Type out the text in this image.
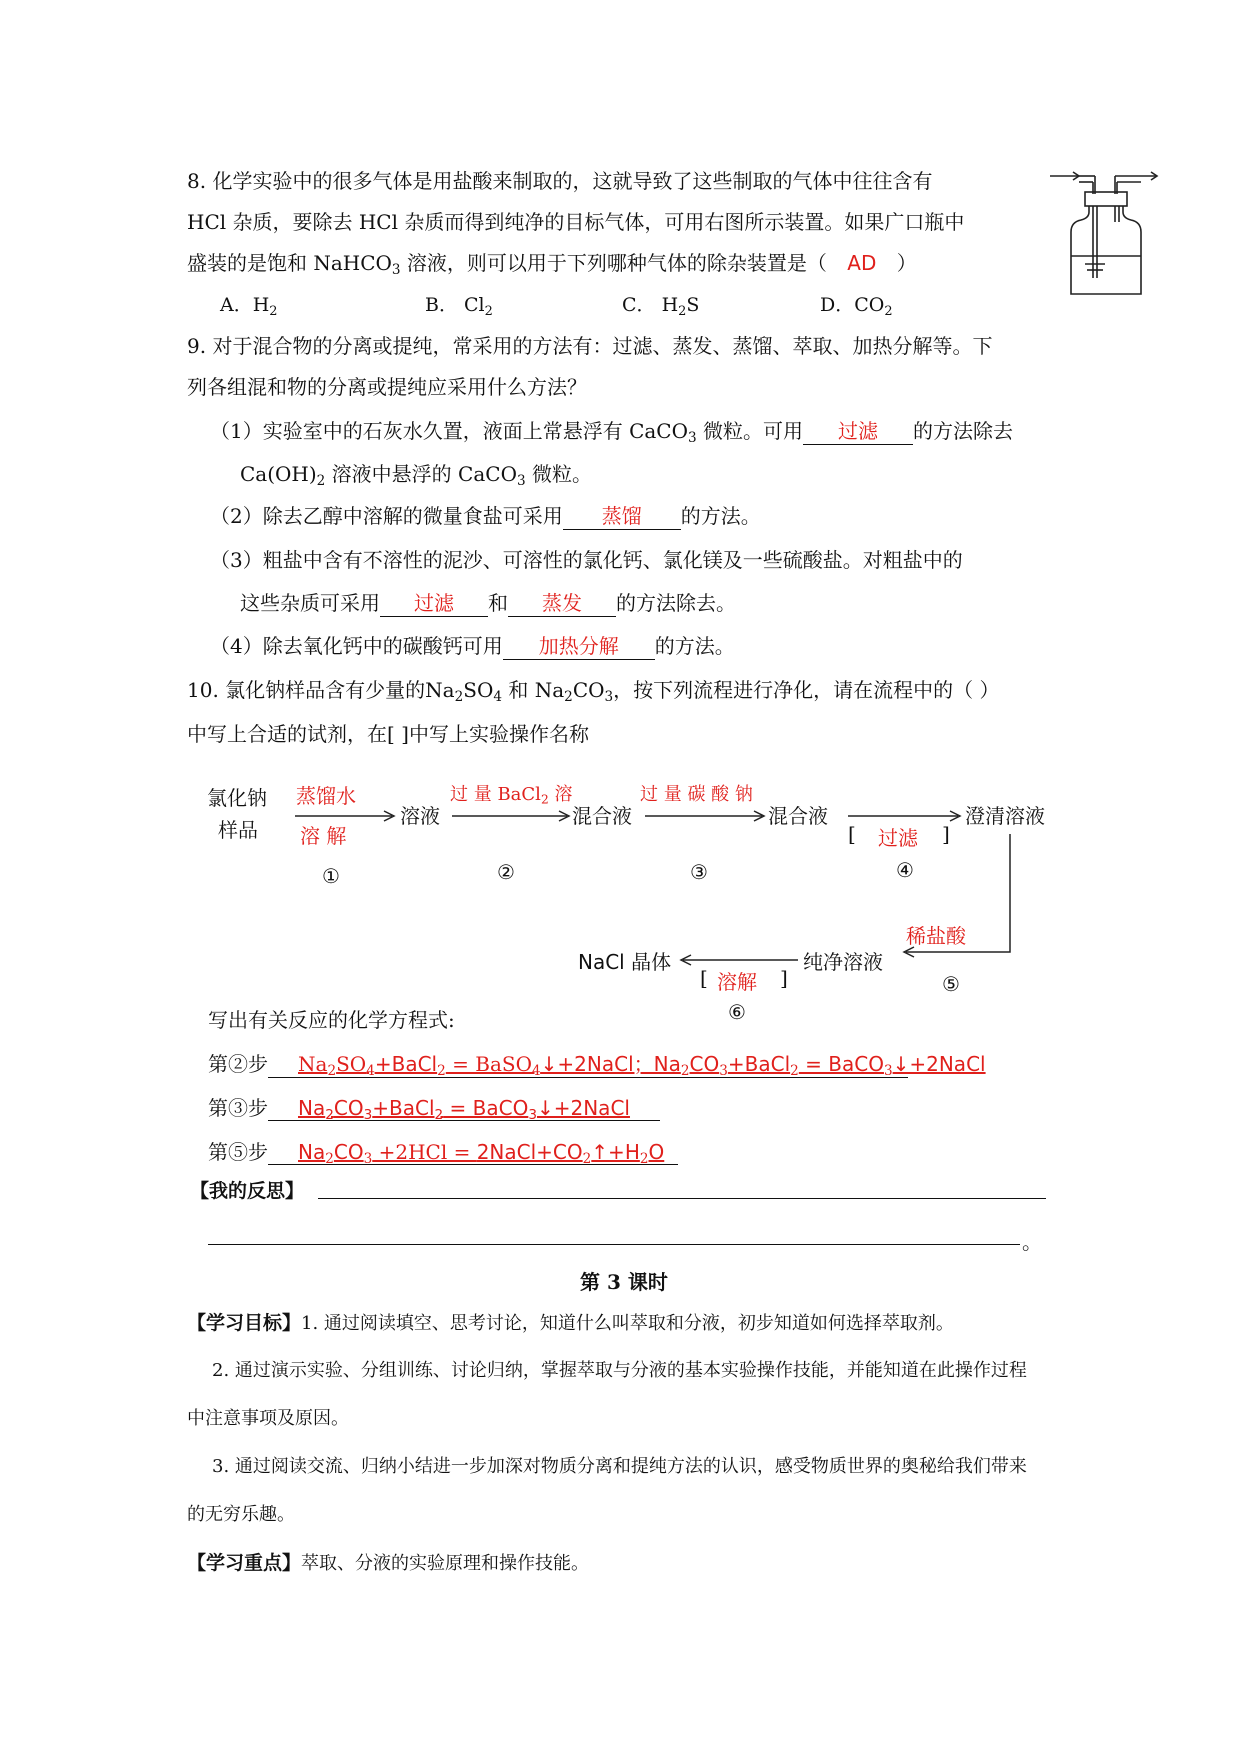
8. 化学实验中的很多气体是用盐酸来制取的，这就导致了这些制取的气体中往往含有
HCl 杂质，要除去 HCl 杂质而得到纯净的目标气体，可用右图所示装置。如果广口瓶中
盛装的是饱和 NaHCO$_3$ 溶液，则可以用于下列哪种气体的除杂装置是（ AD ）
A．$H_2$	B． $Cl_2$	C． $H_2S$	D．$CO_2$
9. 对于混合物的分离或提纯，常采用的方法有：过滤、蒸发、蒸馏、萃取、加热分解等。下
列各组混和物的分离或提纯应采用什么方法？
（1）实验室中的石灰水久置，液面上常悬浮有 CaCO$_3$ 微粒。可用 过滤 的方法除去
$Ca(OH)_2$ 溶液中悬浮的 CaCO$_3$ 微粒。
（2）除去乙醇中溶解的微量食盐可采用 蒸馏 的方法。
（3）粗盐中含有不溶性的泥沙、可溶性的氯化钙、氯化镁及一些硫酸盐。对粗盐中的
这些杂质可采用 过滤 和 蒸发 的方法除去。
（4）除去氧化钙中的碳酸钙可用 加热分解 的方法。
10. 氯化钠样品含有少量的$Na_2SO_4$ 和 $Na_2CO_3$，按下列流程进行净化，请在流程中的（ ）
中写上合适的试剂，在[ ]中写上实验操作名称
氯化钠
样品
蒸馏水
溶 解
溶液
过 量 BaCl$_2$ 溶
混合液
过 量 碳 酸 钠
混合液
[ 过滤 ]
澄清溶液
稀盐酸
纯净溶液
NaCl 晶体
[ 溶解 ]
①	②	③	④
⑤
⑥
写出有关反应的化学方程式:
第②步 $Na_2SO_4+BaCl_2$ = BaSO$_4$↓+2NaCl；$Na_2CO_3+BaCl_2$ = BaCO$_3$↓+2NaCl
第③步 $Na_2CO_3+BaCl_2$ = BaCO$_3$↓+2NaCl
第⑤步 $Na_2CO_3 +2HCl$ = $2NaCl+CO_2↑+H_2O$
【我的反思】
。
第 3 课时
【学习目标】1. 通过阅读填空、思考讨论，知道什么叫萃取和分液，初步知道如何选择萃取剂。
2. 通过演示实验、分组训练、讨论归纳，掌握萃取与分液的基本实验操作技能，并能知道在此操作过程
中注意事项及原因。
3. 通过阅读交流、归纳小结进一步加深对物质分离和提纯方法的认识，感受物质世界的奥秘给我们带来
的无穷乐趣。
【学习重点】萃取、分液的实验原理和操作技能。
